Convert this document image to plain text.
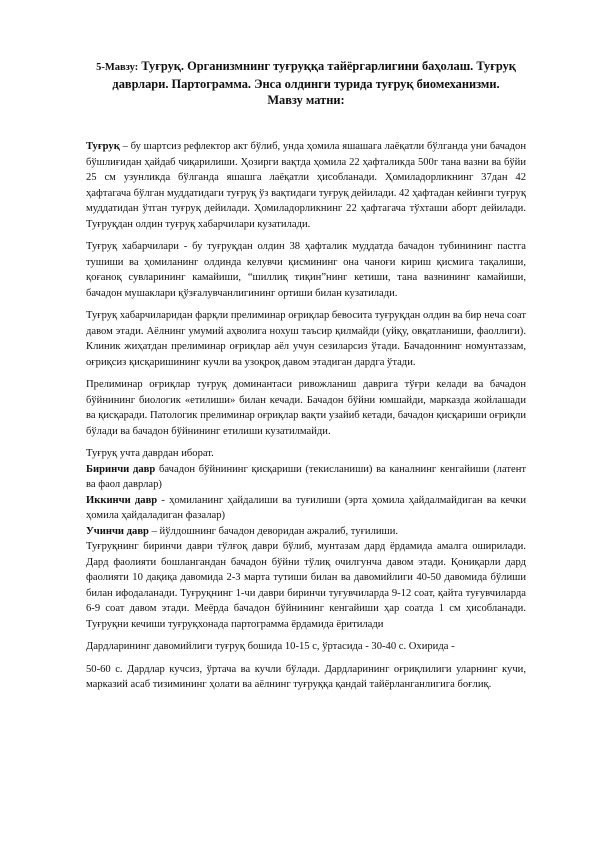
5-Мавзу: Туғруқ. Организмнинг туғруққа тайёргарлигини баҳолаш. Туғруқ даврлари. Партограмма. Энса олдинги турида туғруқ биомеханизми.
Мавзу матни:

Туғруқ – бу шартсиз рефлектор акт бўлиб, унда ҳомила яшашага лаёқатли бўлганда уни бачадон бўшлиғидан ҳайдаб чиқарилиши. Ҳозирги вақтда ҳомила 22 ҳафталикда 500г тана вазни ва бўйи 25 см узунликда бўлганда яшашга лаёқатли ҳисобланади. Ҳомиладорликнинг 37дан 42 ҳафтагача бўлган муддатидаги туғруқ ўз вақтидаги туғруқ дейилади. 42 ҳафтадан кейинги туғруқ муддатидан ўтган туғруқ дейилади. Ҳомиладорликнинг 22 ҳафтагача тўхташи аборт дейилади. Туғруқдан олдин туғруқ хабарчилари кузатилади.

Туғруқ хабарчилари - бу туғруқдан олдин 38 ҳафталик муддатда бачадон тубинининг пастга тушиши ва ҳомиланинг олдинда келувчи қисмининг она чаноғи кириш қисмига тақалиши, қоғаноқ сувларининг камайиши, “шиллиқ тиқин”нинг кетиши, тана вазнининг камайиши, бачадон мушаклари қўзғалувчанлигининг ортиши билан кузатилади.

Туғруқ хабарчиларидан фарқли прелиминар оғриқлар бевосита туғруқдан олдин ва бир неча соат давом этади. Аёлнинг умумий аҳволига нохуш таъсир қилмайди (уйқу, овқатланиши, фаоллиги). Клиник жиҳатдан прелиминар оғриқлар аёл учун сезиларсиз ўтади. Бачадоннинг номунтаззам, оғриқсиз қисқаришининг кучли ва узоқроқ давом этадиган дардга ўтади.

Прелиминар оғриқлар туғруқ доминантаси ривожланиш даврига тўғри келади ва бачадон бўйнининг биологик «етилиши» билан кечади. Бачадон бўйни юмшайди, марказда жойлашади ва қисқаради. Патологик прелиминар оғриқлар вақти узайиб кетади, бачадон қисқариши оғриқли бўлади ва бачадон бўйнининг етилиши кузатилмайди.

Туғруқ учта даврдан иборат.

Биринчи давр бачадон бўйнининг қисқариши (текисланиши) ва каналнинг кенгайиши (латент ва фаол даврлар)

Иккинчи давр - ҳомиланинг ҳайдалиши ва туғилиши (эрта ҳомила ҳайдалмайдиган ва кечки ҳомила ҳайдаладиган фазалар)

Учинчи давр – йўлдошнинг бачадон деворидан ажралиб, туғилиши.

Туғруқнинг биринчи даври тўлғоқ даври бўлиб, мунтазам дард ёрдамида амалга оширилади. Дард фаолияти бошлангандан бачадон бўйни тўлиқ очилгунча давом этади. Қониқарли дард фаолияти 10 дақиқа давомида 2-3 марта тутиши билан ва давомийлиги 40-50 давомида бўлиши билан ифодаланади. Туғруқнинг 1-чи даври биринчи туғувчиларда 9-12 соат, қайта туғувчиларда 6-9 соат давом этади. Меёрда бачадон бўйнининг кенгайиши ҳар соатда 1 см ҳисобланади. Туғруқни кечиши туғруқхонада партограмма ёрдамида ёритилади

Дардларининг давомийлиги туғруқ бошида 10-15 с, ўртасида - 30-40 с. Охирида -

50-60 с. Дардлар кучсиз, ўртача ва кучли бўлади. Дардларининг оғриқлилиги уларнинг кучи, марказий асаб тизимининг ҳолати ва аёлнинг туғруққа қандай тайёрланганлигига боғлиқ.
